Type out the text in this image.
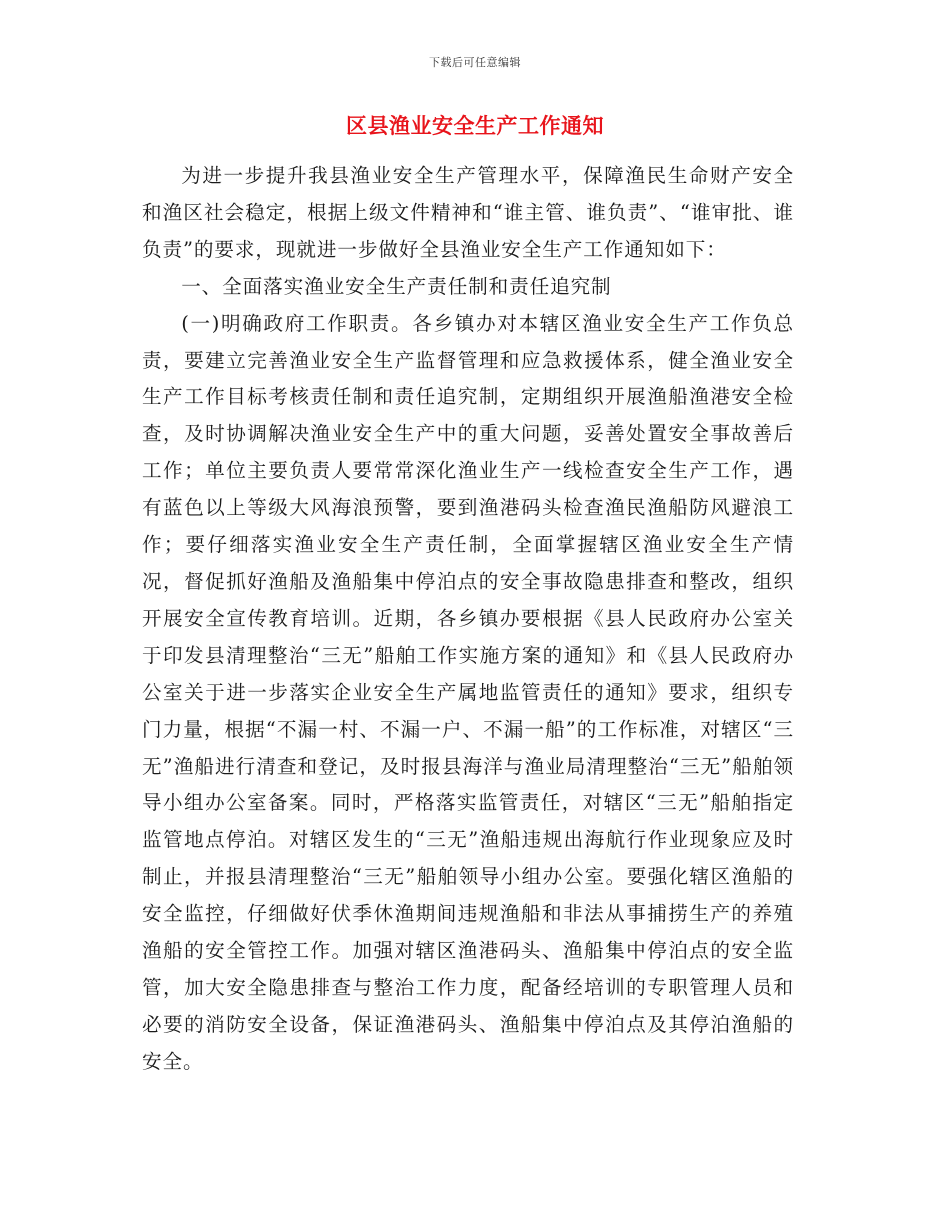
下载后可任意编辑
区县渔业安全生产工作通知

为进一步提升我县渔业安全生产管理水平，保障渔民生命财产安全和渔区社会稳定，根据上级文件精神和“谁主管、谁负责”、“谁审批、谁负责”的要求，现就进一步做好全县渔业安全生产工作通知如下：

一、全面落实渔业安全生产责任制和责任追究制

(一)明确政府工作职责。各乡镇办对本辖区渔业安全生产工作负总责，要建立完善渔业安全生产监督管理和应急救援体系，健全渔业安全生产工作目标考核责任制和责任追究制，定期组织开展渔船渔港安全检查，及时协调解决渔业安全生产中的重大问题，妥善处置安全事故善后工作；单位主要负责人要常常深化渔业生产一线检查安全生产工作，遇有蓝色以上等级大风海浪预警，要到渔港码头检查渔民渔船防风避浪工作；要仔细落实渔业安全生产责任制，全面掌握辖区渔业安全生产情况，督促抓好渔船及渔船集中停泊点的安全事故隐患排查和整改，组织开展安全宣传教育培训。近期，各乡镇办要根据《县人民政府办公室关于印发县清理整治“三无”船舶工作实施方案的通知》和《县人民政府办公室关于进一步落实企业安全生产属地监管责任的通知》要求，组织专门力量，根据“不漏一村、不漏一户、不漏一船”的工作标准，对辖区“三无”渔船进行清查和登记，及时报县海洋与渔业局清理整治“三无”船舶领导小组办公室备案。同时，严格落实监管责任，对辖区“三无”船舶指定监管地点停泊。对辖区发生的“三无”渔船违规出海航行作业现象应及时制止，并报县清理整治“三无”船舶领导小组办公室。要强化辖区渔船的安全监控，仔细做好伏季休渔期间违规渔船和非法从事捕捞生产的养殖渔船的安全管控工作。加强对辖区渔港码头、渔船集中停泊点的安全监管，加大安全隐患排查与整治工作力度，配备经培训的专职管理人员和必要的消防安全设备，保证渔港码头、渔船集中停泊点及其停泊渔船的安全。
